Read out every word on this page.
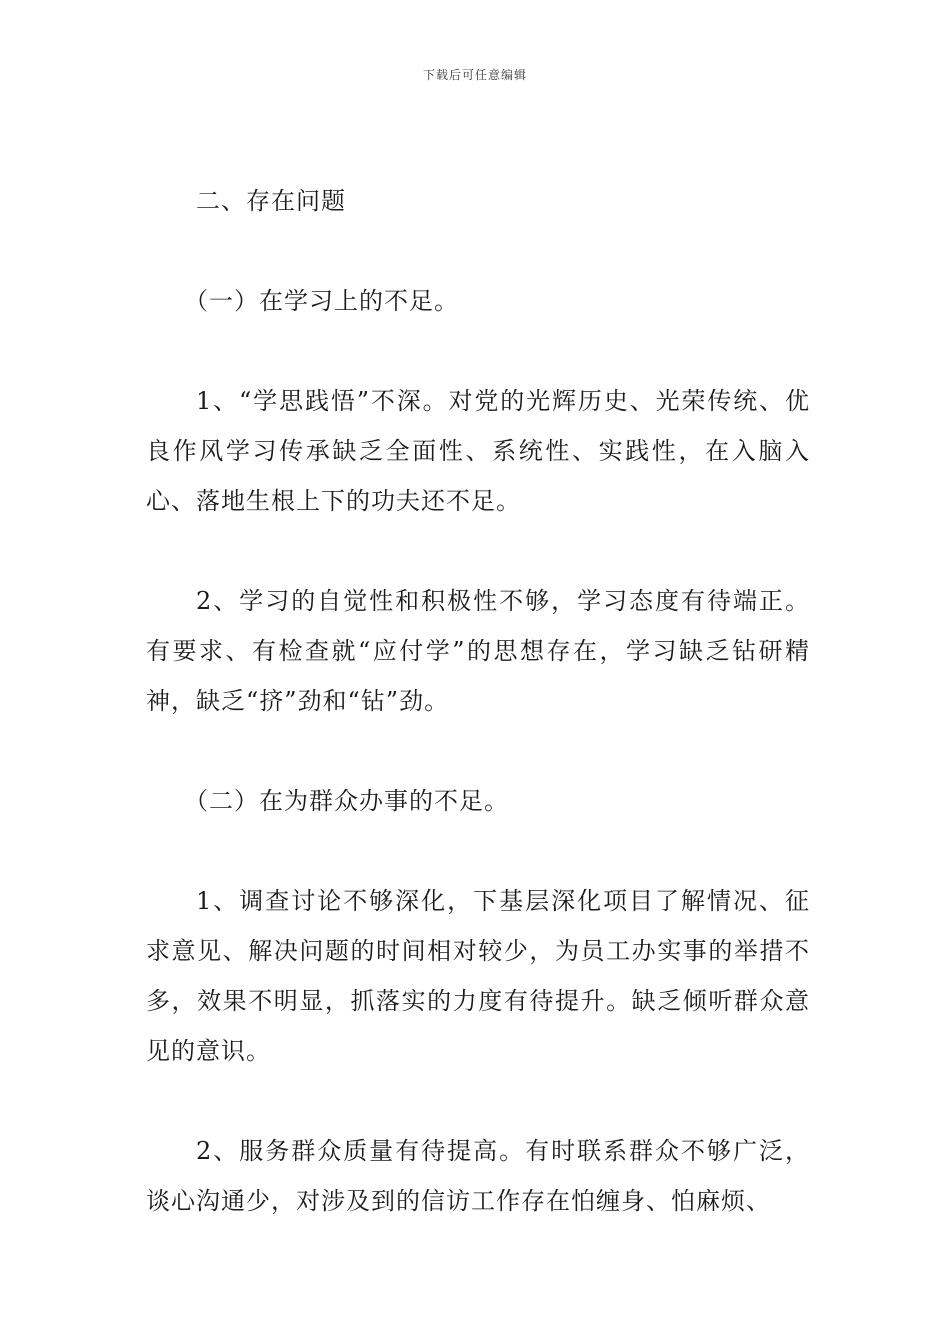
下载后可任意编辑

二、存在问题

（一）在学习上的不足。

1、“学思践悟”不深。对党的光辉历史、光荣传统、优良作风学习传承缺乏全面性、系统性、实践性，在入脑入心、落地生根上下的功夫还不足。

2、学习的自觉性和积极性不够，学习态度有待端正。有要求、有检查就“应付学”的思想存在，学习缺乏钻研精神，缺乏“挤”劲和“钻”劲。

（二）在为群众办事的不足。

1、调查讨论不够深化，下基层深化项目了解情况、征求意见、解决问题的时间相对较少，为员工办实事的举措不多，效果不明显，抓落实的力度有待提升。缺乏倾听群众意见的意识。

2、服务群众质量有待提高。有时联系群众不够广泛，谈心沟通少，对涉及到的信访工作存在怕缠身、怕麻烦、
